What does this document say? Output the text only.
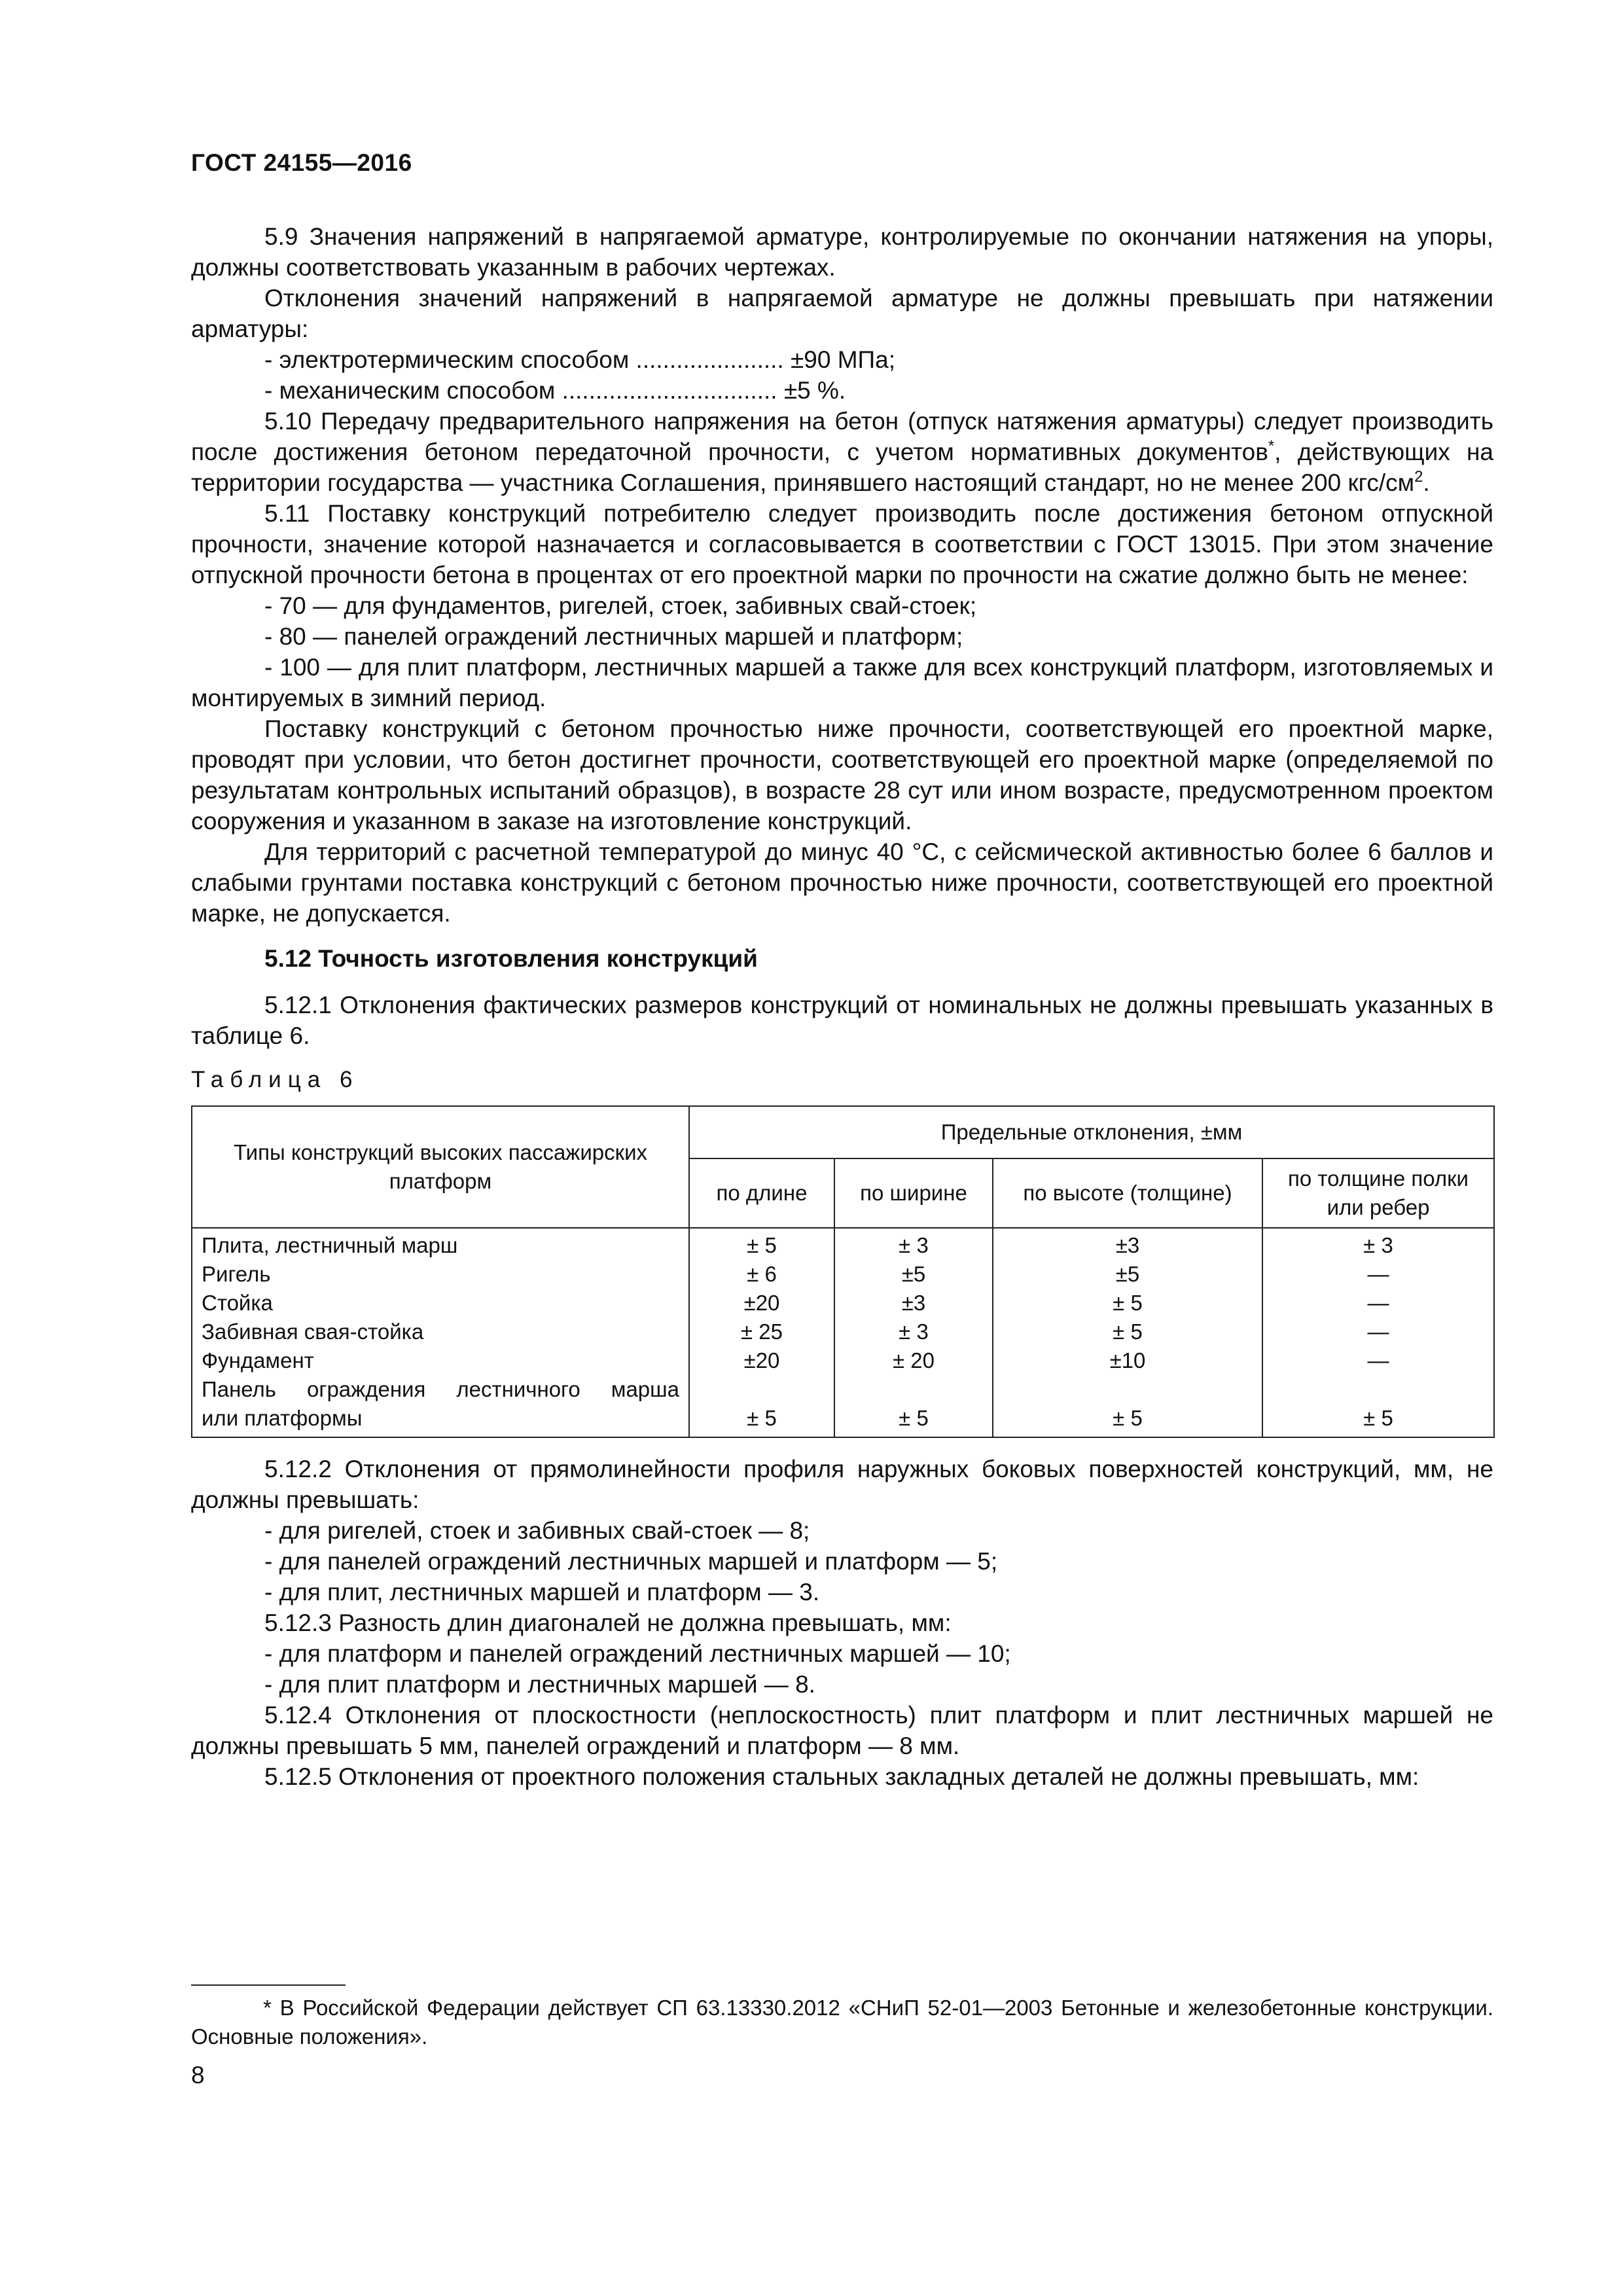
ГОСТ 24155—2016

5.9 Значения напряжений в напрягаемой арматуре, контролируемые по окончании натяжения на упоры, должны соответствовать указанным в рабочих чертежах.

Отклонения значений напряжений в напрягаемой арматуре не должны превышать при натяжении арматуры:

- электротермическим способом ...................... ±90 МПа;

- механическим способом ................................ ±5 %.

5.10 Передачу предварительного напряжения на бетон (отпуск натяжения арматуры) следует производить после достижения бетоном передаточной прочности, с учетом нормативных документов*, действующих на территории государства — участника Соглашения, принявшего настоящий стандарт, но не менее 200 кгс/$см^2$.

5.11 Поставку конструкций потребителю следует производить после достижения бетоном отпускной прочности, значение которой назначается и согласовывается в соответствии с ГОСТ 13015. При этом значение отпускной прочности бетона в процентах от его проектной марки по прочности на сжатие должно быть не менее:

- 70 — для фундаментов, ригелей, стоек, забивных свай-стоек;

- 80 — панелей ограждений лестничных маршей и платформ;

- 100 — для плит платформ, лестничных маршей а также для всех конструкций платформ, изготовляемых и монтируемых в зимний период.

Поставку конструкций с бетоном прочностью ниже прочности, соответствующей его проектной марке, проводят при условии, что бетон достигнет прочности, соответствующей его проектной марке (определяемой по результатам контрольных испытаний образцов), в возрасте 28 сут или ином возрасте, предусмотренном проектом сооружения и указанном в заказе на изготовление конструкций.

Для территорий с расчетной температурой до минус 40 °С, с сейсмической активностью более 6 баллов и слабыми грунтами поставка конструкций с бетоном прочностью ниже прочности, соответствующей его проектной марке, не допускается.

5.12 Точность изготовления конструкций

5.12.1 Отклонения фактических размеров конструкций от номинальных не должны превышать указанных в таблице 6.

Таблица 6
Типы конструкций высоких пассажирских платформ	Предельные отклонения, ±мм			
	по длине	по ширине	по высоте (толщине)	по толщине полки или ребер
Плита, лестничный марш	± 5	± 3	±3	± 3
Ригель	± 6	±5	±5	—
Стойка	±20	±3	± 5	—
Забивная свая-стойка	± 25	± 3	± 5	—
Фундамент	±20	± 20	±10	—
Панель ограждения лестничного марша				
или платформы	± 5	± 5	± 5	± 5

5.12.2 Отклонения от прямолинейности профиля наружных боковых поверхностей конструкций, мм, не должны превышать:

- для ригелей, стоек и забивных свай-стоек — 8;

- для панелей ограждений лестничных маршей и платформ — 5;

- для плит, лестничных маршей и платформ — 3.

5.12.3 Разность длин диагоналей не должна превышать, мм:

- для платформ и панелей ограждений лестничных маршей — 10;

- для плит платформ и лестничных маршей — 8.

5.12.4 Отклонения от плоскостности (неплоскостность) плит платформ и плит лестничных маршей не должны превышать 5 мм, панелей ограждений и платформ — 8 мм.

5.12.5 Отклонения от проектного положения стальных закладных деталей не должны превышать, мм:

* В Российской Федерации действует СП 63.13330.2012 «СНиП 52-01—2003 Бетонные и железобетонные конструкции. Основные положения».
8
